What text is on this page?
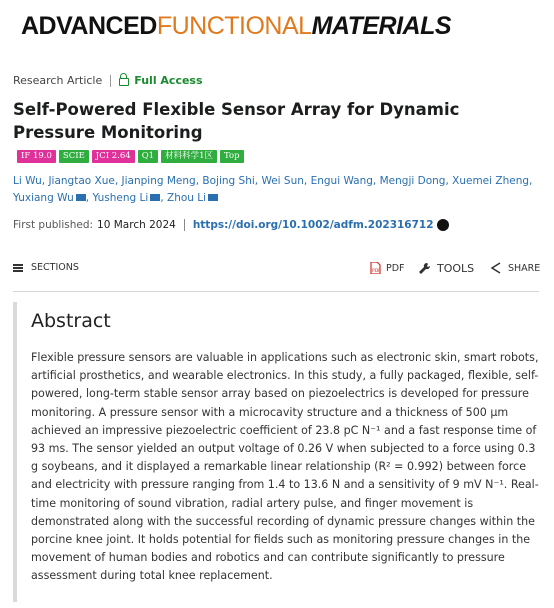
ADVANCEDFUNCTIONALMATERIALS
Research Article	Full Access
Self-Powered Flexible Sensor Array for Dynamic Pressure Monitoring
IF 19.0	SCIE	JCI 2.64	Q1	材料科学1区	Top
Li Wu, Jiangtao Xue, Jianping Meng, Bojing Shi, Wei Sun, Engui Wang, Mengji Dong, Xuemei Zheng, Yuxiang Wu , Yusheng Li , Zhou Li
First published: 10 March 2024 https://doi.org/10.1002/adfm.202316712
SECTIONS	PDF PDF	TOOLS	SHARE
Abstract
Flexible pressure sensors are valuable in applications such as electronic skin, smart robots, artificial prosthetics, and wearable electronics. In this study, a fully packaged, flexible, self-powered, long-term stable sensor array based on piezoelectrics is developed for pressure monitoring. A pressure sensor with a microcavity structure and a thickness of 500 µm achieved an impressive piezoelectric coefficient of 23.8 pC N⁻¹ and a fast response time of 93 ms. The sensor yielded an output voltage of 0.26 V when subjected to a force using 0.3 g soybeans, and it displayed a remarkable linear relationship (R² = 0.992) between force and electricity with pressure ranging from 1.4 to 13.6 N and a sensitivity of 9 mV N⁻¹. Real-time monitoring of sound vibration, radial artery pulse, and finger movement is demonstrated along with the successful recording of dynamic pressure changes within the porcine knee joint. It holds potential for fields such as monitoring pressure changes in the movement of human bodies and robotics and can contribute significantly to pressure assessment during total knee replacement.
